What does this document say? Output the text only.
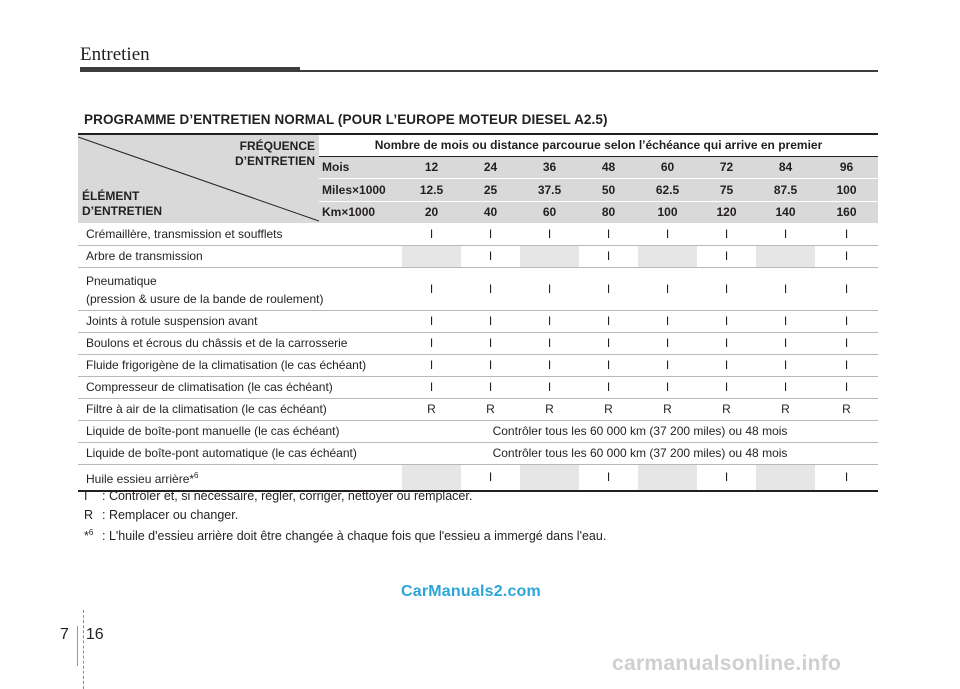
Entretien
PROGRAMME D’ENTRETIEN NORMAL (POUR L’EUROPE MOTEUR DIESEL A2.5)
FRÉQUENCE
D’ENTRETIEN
ÉLÉMENT
D’ENTRETIEN	Nombre de mois ou distance parcourue selon l’échéance qui arrive en premier								
	Mois	12	24	36	48	60	72	84	96
	Miles×1000	12.5	25	37.5	50	62.5	75	87.5	100
	Km×1000	20	40	60	80	100	120	140	160
Crémaillère, transmission et soufflets		I	I	I	I	I	I	I	I
Arbre de transmission			I		I		I		I

Pneumatique
(pression & usure de la bande de roulement)		I	I	I	I	I	I	I	I
Joints à rotule suspension avant		I	I	I	I	I	I	I	I
Boulons et écrous du châssis et de la carrosserie		I	I	I	I	I	I	I	I
Fluide frigorigène de la climatisation (le cas échéant)		I	I	I	I	I	I	I	I
Compresseur de climatisation (le cas échéant)		I	I	I	I	I	I	I	I
Filtre à air de la climatisation (le cas échéant)		R	R	R	R	R	R	R	R
Liquide de boîte-pont manuelle (le cas échéant)		Contrôler tous les 60 000 km (37 200 miles) ou 48 mois							
Liquide de boîte-pont automatique (le cas échéant)		Contrôler tous les 60 000 km (37 200 miles) ou 48 mois							
Huile essieu arrière*$^6$			I		I		I		I
I : Contrôler et, si nécessaire, régler, corriger, nettoyer ou remplacer.
R : Remplacer ou changer.
*$^6$ : L'huile d'essieu arrière doit être changée à chaque fois que l'essieu a immergé dans l'eau.
CarManuals2.com
7 16
carmanualsonline.info
